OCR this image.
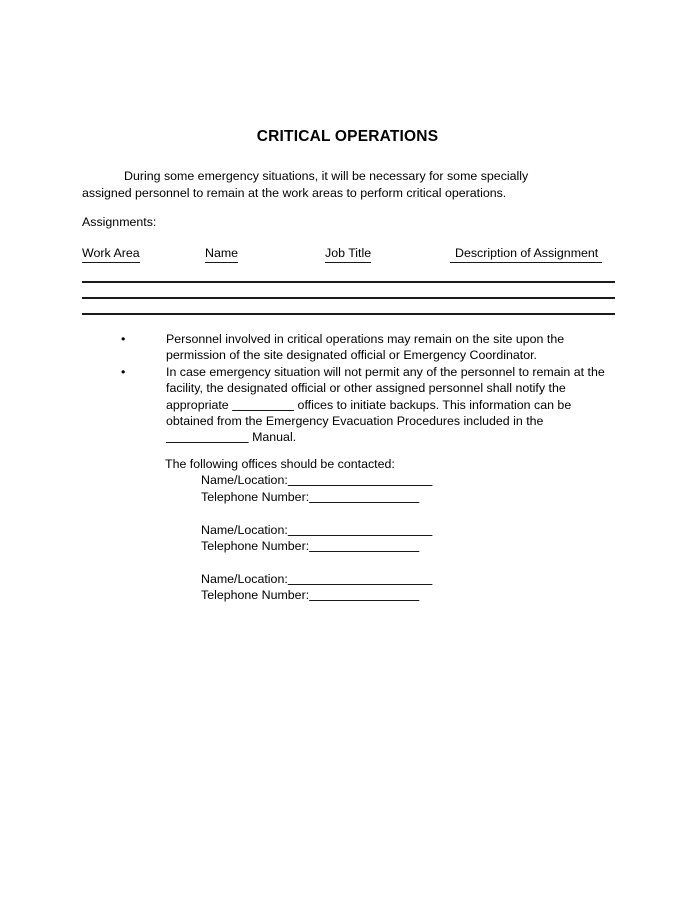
CRITICAL OPERATIONS
During some emergency situations, it will be necessary for some specially assigned personnel to remain at the work areas to perform critical operations.
Assignments:
Work Area	Name	Job Title	Description of Assignment
•	Personnel involved in critical operations may remain on the site upon the permission of the site designated official or Emergency Coordinator.
•	In case emergency situation will not permit any of the personnel to remain at the facility, the designated official or other assigned personnel shall notify the appropriate	offices to initiate backups. This information can be obtained from the Emergency Evacuation Procedures included in the                          Manual.
The following offices should be contacted:
Name/Location:
Telephone Number:
Name/Location:
Telephone Number:
Name/Location:
Telephone Number:
